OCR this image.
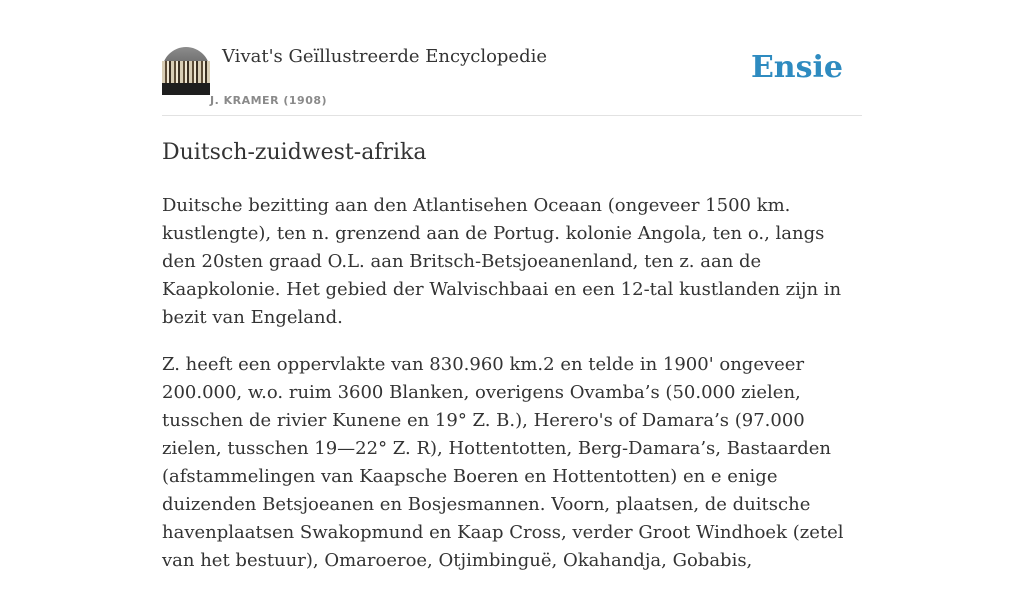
Vivat's Geïllustreerde Encyclopedie
J. KRAMER (1908)
Ensie
Duitsch-zuidwest-afrika

Duitsche bezitting aan den Atlantisehen Oceaan (ongeveer 1500 km. kustlengte), ten n. grenzend aan de Portug. kolonie Angola, ten o., langs den 20sten graad O.L. aan Britsch-Betsjoeanenland, ten z. aan de Kaapkolonie. Het gebied der Walvischbaai en een 12-tal kustlanden zijn in bezit van Engeland.

Z. heeft een oppervlakte van 830.960 km.2 en telde in 1900' ongeveer 200.000, w.o. ruim 3600 Blanken, overigens Ovamba’s (50.000 zielen, tusschen de rivier Kunene en 19° Z. B.), Herero's of Damara’s (97.000 zielen, tusschen 19—22° Z. R), Hottentotten, Berg-Damara’s, Bastaarden (afstammelingen van Kaapsche Boeren en Hottentotten) en e enige duizenden Betsjoeanen en Bosjesmannen. Voorn, plaatsen, de duitsche havenplaatsen Swakopmund en Kaap Cross, verder Groot Windhoek (zetel van het bestuur), Omaroeroe, Otjimbinguë, Okahandja, Gobabis,
